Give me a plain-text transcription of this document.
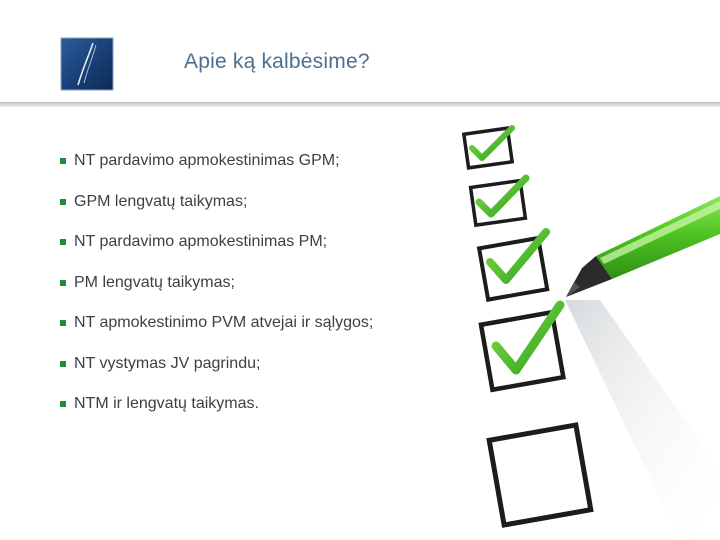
Apie ką kalbėsime?
NT pardavimo apmokestinimas GPM;
GPM lengvatų taikymas;
NT pardavimo apmokestinimas PM;
PM lengvatų taikymas;
NT apmokestinimo PVM atvejai ir sąlygos;
NT vystymas JV pagrindu;
NTM ir lengvatų taikymas.
